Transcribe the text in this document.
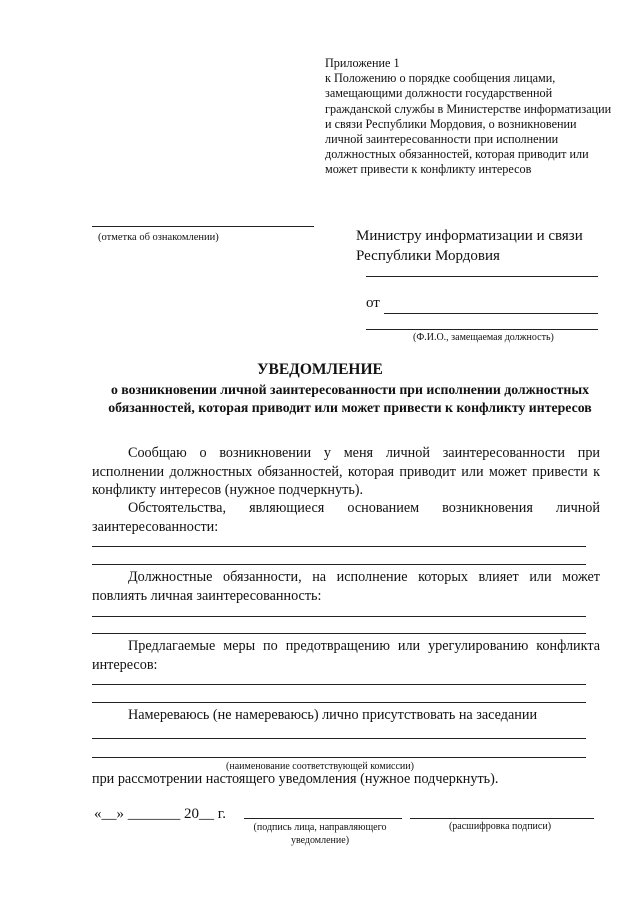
Приложение 1
к Положению о порядке сообщения лицами, замещающими должности государственной гражданской службы в Министерстве информатизации и связи Республики Мордовия, о возникновении личной заинтересованности при исполнении должностных обязанностей, которая приводит или может привести к конфликту интересов
(отметка об ознакомлении)	Министру информатизации и связи
Республики Мордовия
от
(Ф.И.О., замещаемая должность)
УВЕДОМЛЕНИЕ
о возникновении личной заинтересованности при исполнении должностных обязанностей, которая приводит или может привести к конфликту интересов
Сообщаю о возникновении у меня личной заинтересованности при исполнении должностных обязанностей, которая приводит или может привести к конфликту интересов (нужное подчеркнуть).
Обстоятельства, являющиеся основанием возникновения личной заинтересованности:
Должностные обязанности, на исполнение которых влияет или может повлиять личная заинтересованность:
Предлагаемые меры по предотвращению или урегулированию конфликта интересов:
Намереваюсь (не намереваюсь) лично присутствовать на заседании
(наименование соответствующей комиссии)
при рассмотрении настоящего уведомления (нужное подчеркнуть).
«__» _______ 20__ г.
(подпись лица, направляющего уведомление)
(расшифровка подписи)
